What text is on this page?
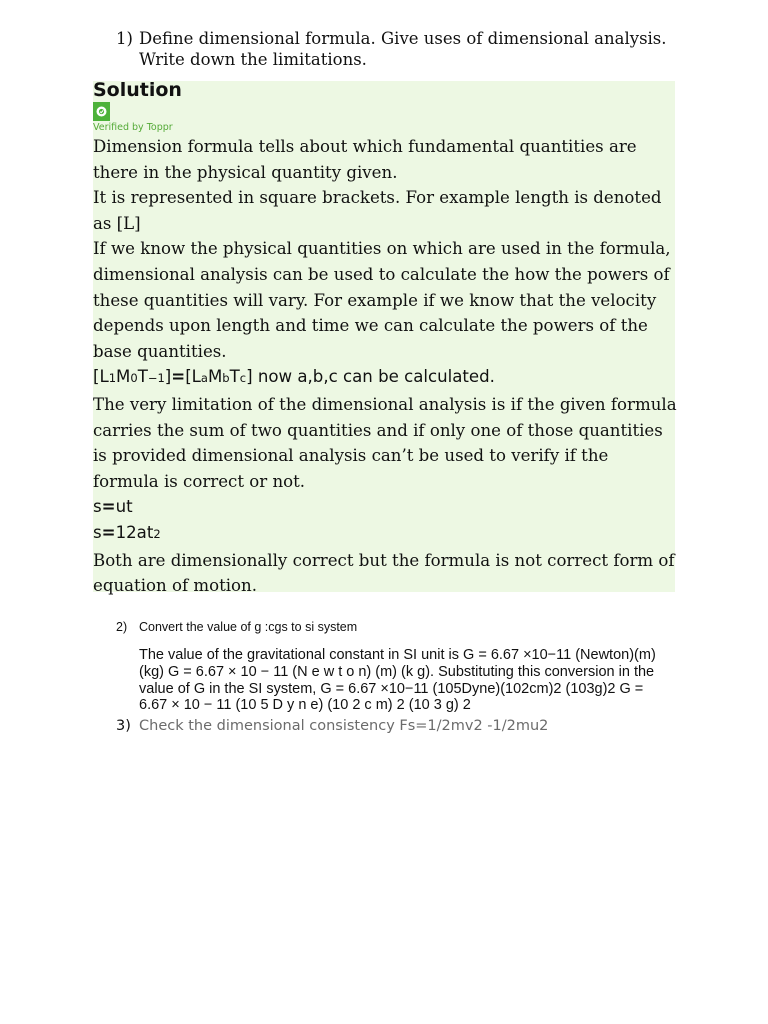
1) Define dimensional formula. Give uses of dimensional analysis. Write down the limitations.
Solution
Verified by Toppr

Dimension formula tells about which fundamental quantities are there in the physical quantity given.

It is represented in square brackets. For example length is denoted as [L]

If we know the physical quantities on which are used in the formula, dimensional analysis can be used to calculate the how the powers of these quantities will vary. For example if we know that the velocity depends upon length and time we can calculate the powers of the base quantities.

[L1M0T−1]=[LaMbTc] now a,b,c can be calculated.

The very limitation of the dimensional analysis is if the given formula carries the sum of two quantities and if only one of those quantities is provided dimensional analysis can’t be used to verify if the formula is correct or not.

s=ut

s=12at2

Both are dimensionally correct but the formula is not correct form of equation of motion.

2) Convert the value of g :cgs to si system
The value of the gravitational constant in SI unit is G = 6.67 ×10−11 (Newton)(m) (kg) G = 6.67 × 10 − 11 (N e w t o n) (m) (k g). Substituting this conversion in the value of G in the SI system, G = 6.67 ×10−11 (105Dyne)(102cm)2 (103g)2 G = 6.67 × 10 − 11 (10 5 D y n e) (10 2 c m) 2 (10 3 g) 2
3) Check the dimensional consistency Fs=1/2mv2 -1/2mu2
